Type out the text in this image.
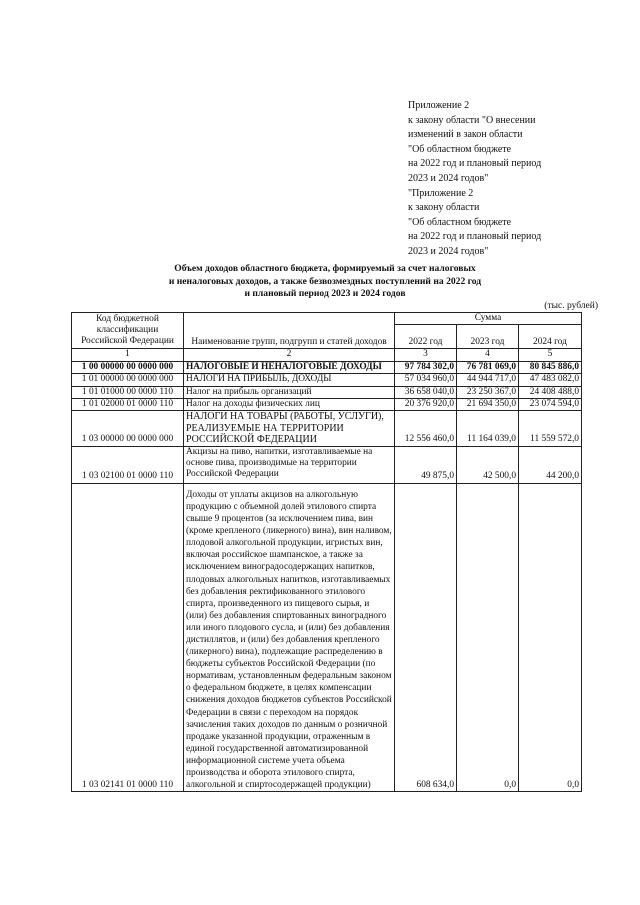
Приложение 2
к закону области "О внесении
изменений в закон области
"Об областном бюджете
на 2022 год и плановый период
2023 и 2024 годов"
"Приложение 2
к закону области
"Об областном бюджете
на 2022 год и плановый период
2023 и 2024 годов"
Объем доходов областного бюджета, формируемый за счет налоговых
и неналоговых доходов, а также безвозмездных поступлений на 2022 год
и плановый период 2023 и 2024 годов
(тыс. рублей)
Код бюджетной классификации Российской Федерации	Наименование групп, подгрупп и статей доходов	Сумма		
		2022 год	2023 год	2024 год
1	2	3	4	5
1 00 00000 00 0000 000	НАЛОГОВЫЕ И НЕНАЛОГОВЫЕ ДОХОДЫ	97 784 302,0	76 781 069,0	80 845 886,0
1 01 00000 00 0000 000	НАЛОГИ НА ПРИБЫЛЬ, ДОХОДЫ	57 034 960,0	44 944 717,0	47 483 082,0
1 01 01000 00 0000 110	Налог на прибыль организаций	36 658 040,0	23 250 367,0	24 408 488,0
1 01 02000 01 0000 110	Налог на доходы физических лиц	20 376 920,0	21 694 350,0	23 074 594,0
1 03 00000 00 0000 000	НАЛОГИ НА ТОВАРЫ (РАБОТЫ, УСЛУГИ), РЕАЛИЗУЕМЫЕ НА ТЕРРИТОРИИ РОССИЙСКОЙ ФЕДЕРАЦИИ	12 556 460,0	11 164 039,0	11 559 572,0
1 03 02100 01 0000 110	Акцизы на пиво, напитки, изготавливаемые на основе пива, производимые на территории Российской Федерации	49 875,0	42 500,0	44 200,0
1 03 02141 01 0000 110	Доходы от уплаты акцизов на алкогольную продукцию с объемной долей этилового спирта свыше 9 процентов (за исключением пива, вин (кроме крепленого (ликерного) вина), вин наливом, плодовой алкогольной продукции, игристых вин, включая российское шампанское, а также за исключением виноградосодержащих напитков, плодовых алкогольных напитков, изготавливаемых без добавления ректификованного этилового спирта, произведенного из пищевого сырья, и (или) без добавления спиртованных виноградного или иного плодового сусла, и (или) без добавления дистиллятов, и (или) без добавления крепленого (ликерного) вина), подлежащие распределению в бюджеты субъектов Российской Федерации (по нормативам, установленным федеральным законом о федеральном бюджете, в целях компенсации снижения доходов бюджетов субъектов Российской Федерации в связи с переходом на порядок зачисления таких доходов по данным о розничной продаже указанной продукции, отраженным в единой государственной автоматизированной информационной системе учета объема производства и оборота этилового спирта, алкогольной и спиртосодержащей продукции)	608 634,0	0,0	0,0
